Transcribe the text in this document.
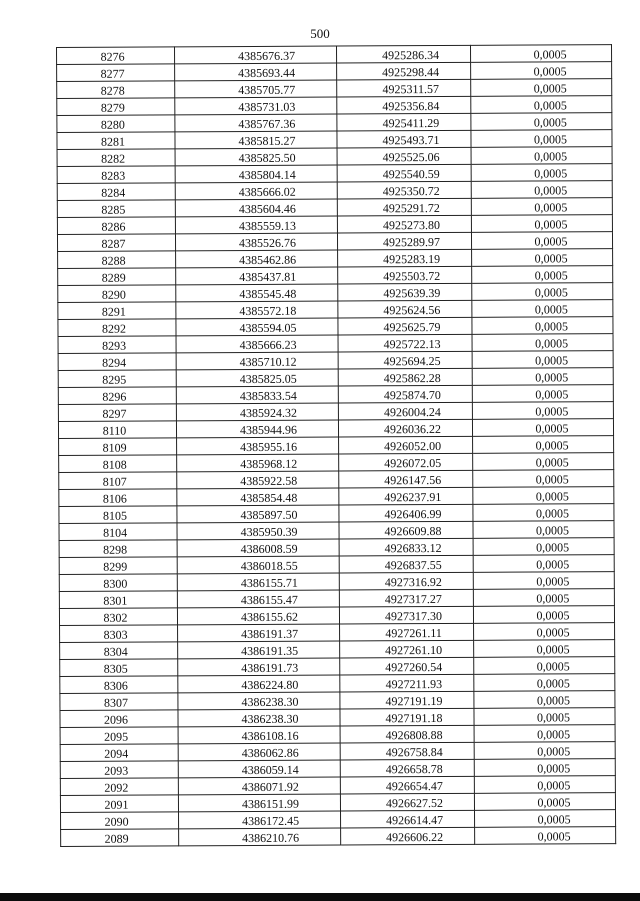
500
8276	4385676.37	4925286.34	0,0005
8277	4385693.44	4925298.44	0,0005
8278	4385705.77	4925311.57	0,0005
8279	4385731.03	4925356.84	0,0005
8280	4385767.36	4925411.29	0,0005
8281	4385815.27	4925493.71	0,0005
8282	4385825.50	4925525.06	0,0005
8283	4385804.14	4925540.59	0,0005
8284	4385666.02	4925350.72	0,0005
8285	4385604.46	4925291.72	0,0005
8286	4385559.13	4925273.80	0,0005
8287	4385526.76	4925289.97	0,0005
8288	4385462.86	4925283.19	0,0005
8289	4385437.81	4925503.72	0,0005
8290	4385545.48	4925639.39	0,0005
8291	4385572.18	4925624.56	0,0005
8292	4385594.05	4925625.79	0,0005
8293	4385666.23	4925722.13	0,0005
8294	4385710.12	4925694.25	0,0005
8295	4385825.05	4925862.28	0,0005
8296	4385833.54	4925874.70	0,0005
8297	4385924.32	4926004.24	0,0005
8110	4385944.96	4926036.22	0,0005
8109	4385955.16	4926052.00	0,0005
8108	4385968.12	4926072.05	0,0005
8107	4385922.58	4926147.56	0,0005
8106	4385854.48	4926237.91	0,0005
8105	4385897.50	4926406.99	0,0005
8104	4385950.39	4926609.88	0,0005
8298	4386008.59	4926833.12	0,0005
8299	4386018.55	4926837.55	0,0005
8300	4386155.71	4927316.92	0,0005
8301	4386155.47	4927317.27	0,0005
8302	4386155.62	4927317.30	0,0005
8303	4386191.37	4927261.11	0,0005
8304	4386191.35	4927261.10	0,0005
8305	4386191.73	4927260.54	0,0005
8306	4386224.80	4927211.93	0,0005
8307	4386238.30	4927191.19	0,0005
2096	4386238.30	4927191.18	0,0005
2095	4386108.16	4926808.88	0,0005
2094	4386062.86	4926758.84	0,0005
2093	4386059.14	4926658.78	0,0005
2092	4386071.92	4926654.47	0,0005
2091	4386151.99	4926627.52	0,0005
2090	4386172.45	4926614.47	0,0005
2089	4386210.76	4926606.22	0,0005
